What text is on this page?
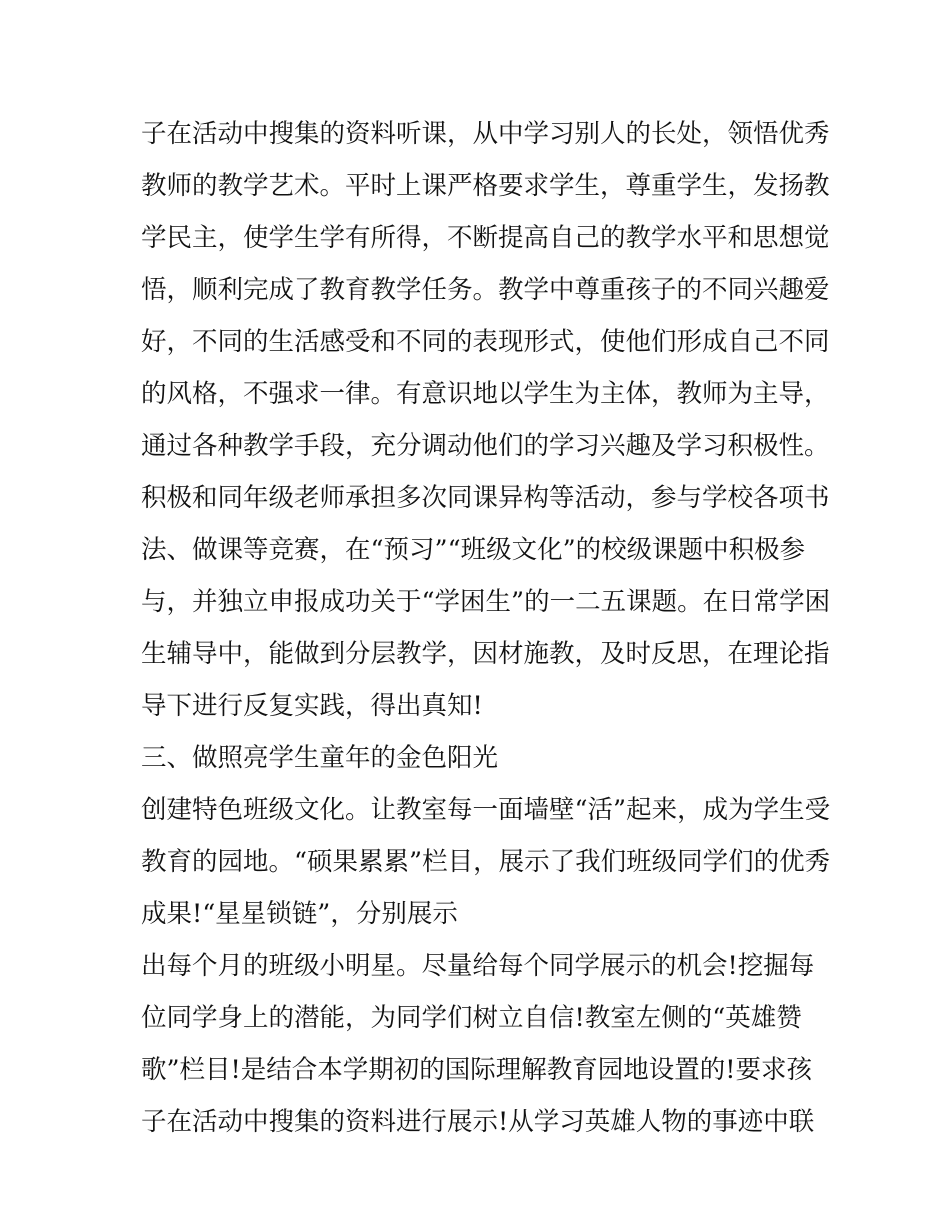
子在活动中搜集的资料听课，从中学习别人的长处，领悟优秀
教师的教学艺术。平时上课严格要求学生，尊重学生，发扬教
学民主，使学生学有所得，不断提高自己的教学水平和思想觉
悟，顺利完成了教育教学任务。教学中尊重孩子的不同兴趣爱
好，不同的生活感受和不同的表现形式，使他们形成自己不同
的风格，不强求一律。有意识地以学生为主体，教师为主导，
通过各种教学手段，充分调动他们的学习兴趣及学习积极性。
积极和同年级老师承担多次同课异构等活动，参与学校各项书
法、做课等竞赛，在“预习”“班级文化”的校级课题中积极参
与，并独立申报成功关于“学困生”的一二五课题。在日常学困
生辅导中，能做到分层教学，因材施教，及时反思，在理论指
导下进行反复实践，得出真知!
三、做照亮学生童年的金色阳光
创建特色班级文化。让教室每一面墙壁“活”起来，成为学生受
教育的园地。“硕果累累”栏目，展示了我们班级同学们的优秀
成果!“星星锁链”，分别展示
出每个月的班级小明星。尽量给每个同学展示的机会!挖掘每
位同学身上的潜能，为同学们树立自信!教室左侧的“英雄赞
歌”栏目!是结合本学期初的国际理解教育园地设置的!要求孩
子在活动中搜集的资料进行展示!从学习英雄人物的事迹中联
